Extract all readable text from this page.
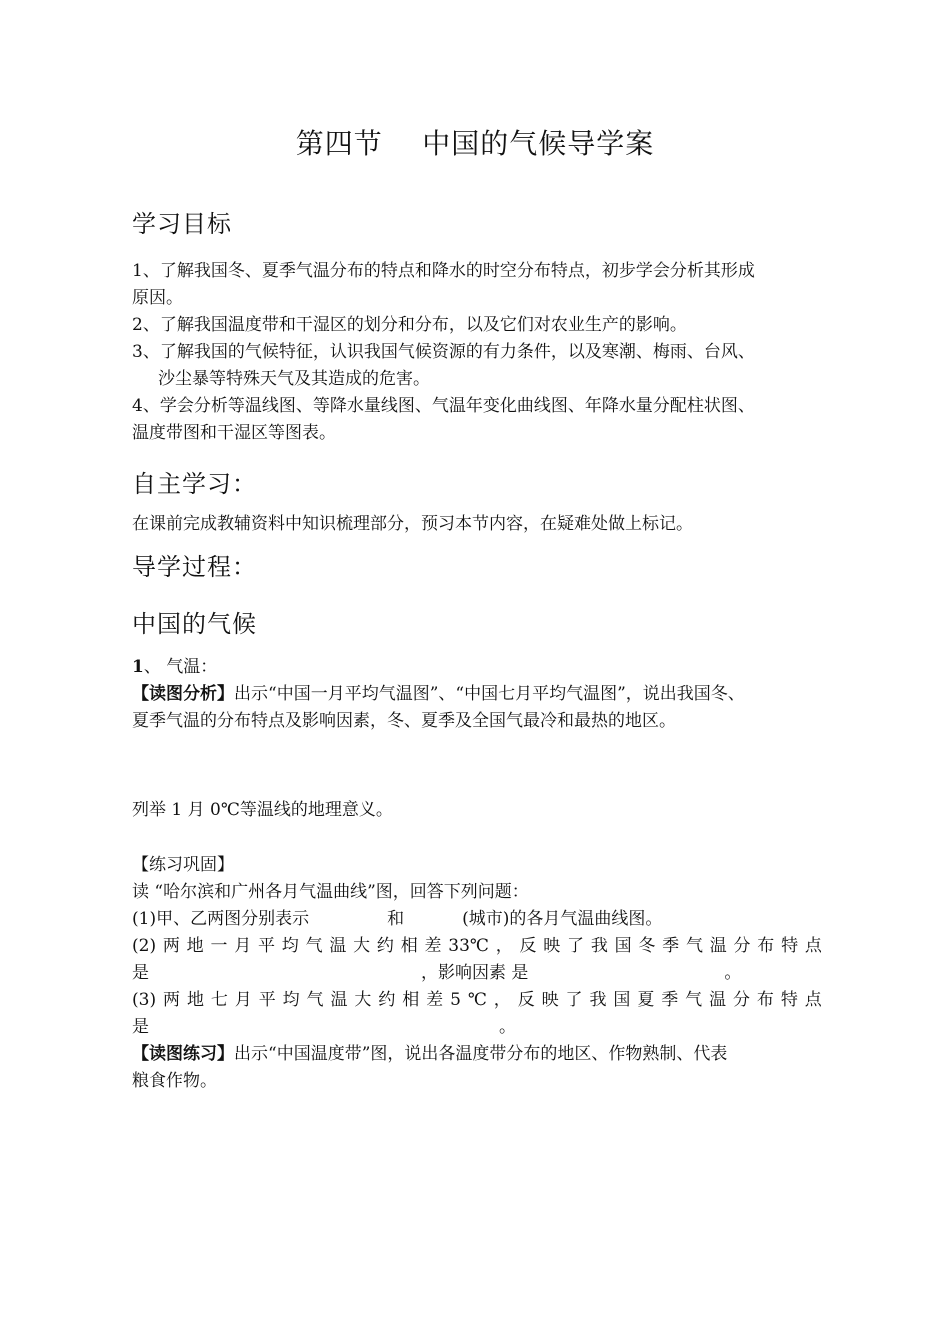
第四节    中国的气候导学案
学习目标
1、了解我国冬、夏季气温分布的特点和降水的时空分布特点，初步学会分析其形成
原因。
2、了解我国温度带和干湿区的划分和分布，以及它们对农业生产的影响。
3、了解我国的气候特征，认识我国气候资源的有力条件，以及寒潮、梅雨、台风、
沙尘暴等特殊天气及其造成的危害。
4、学会分析等温线图、等降水量线图、气温年变化曲线图、年降水量分配柱状图、
温度带图和干湿区等图表。
自主学习：
在课前完成教辅资料中知识梳理部分，预习本节内容，在疑难处做上标记。
导学过程：
中国的气候
1、 气温：
【读图分析】出示“中国一月平均气温图”、“中国七月平均气温图”，说出我国冬、
夏季气温的分布特点及影响因素，冬、夏季及全国气最冷和最热的地区。
列举 1 月 0℃等温线的地理意义。
【练习巩固】
读 “哈尔滨和广州各月气温曲线”图，回答下列问题：
(1)甲、乙两图分别表示	和	(城市)的各月气温曲线图。
(2) 两 地 一 月 平 均 气 温 大 约 相 差 33℃ ， 反 映 了 我 国 冬 季 气 温 分 布 特 点
是	，影响因素 是	。
(3) 两 地 七 月 平 均 气 温 大 约 相 差 5 ℃ ， 反 映 了 我 国 夏 季 气 温 分 布 特 点
是	。
【读图练习】出示“中国温度带”图，说出各温度带分布的地区、作物熟制、代表
粮食作物。
